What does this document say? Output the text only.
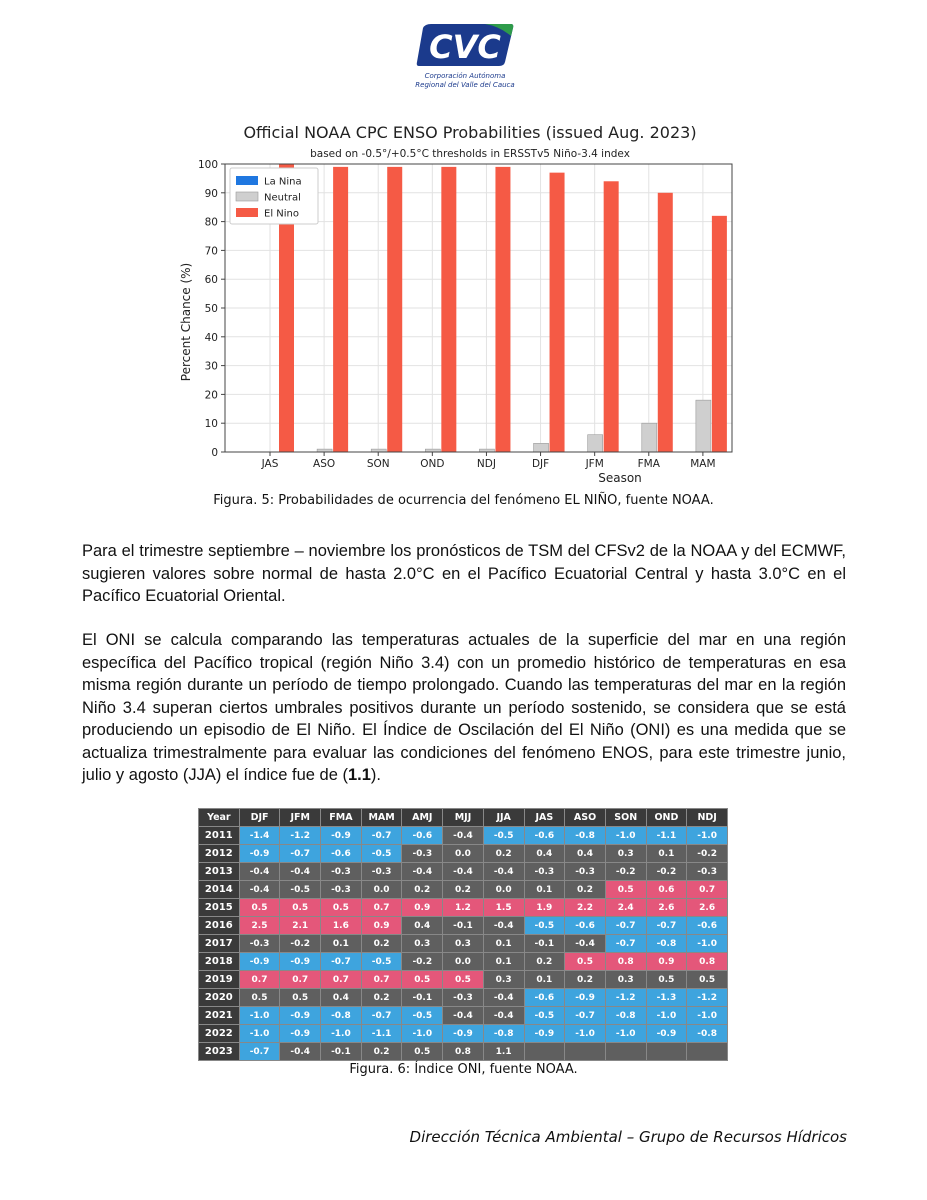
CVC
Corporación Autónoma
Regional del Valle del Cauca
Official NOAA CPC ENSO Probabilities (issued Aug. 2023)
based on -0.5°/+0.5°C thresholds in ERSSTv5 Niño-3.4 index
0
10
20
30
40
50
60
70
80
90
100
JAS	ASO	SON	OND	NDJ	DJF	JFM	FMA	MAM
La Nina
Neutral
El Nino
Season
Percent Chance (%)
Figura. 5: Probabilidades de ocurrencia del fenómeno EL NIÑO, fuente NOAA.

Para el trimestre septiembre – noviembre los pronósticos de TSM del CFSv2 de la NOAA y del ECMWF, sugieren valores sobre normal de hasta 2.0°C en el Pacífico Ecuatorial Central y hasta 3.0°C en el Pacífico Ecuatorial Oriental.

El ONI se calcula comparando las temperaturas actuales de la superficie del mar en una región específica del Pacífico tropical (región Niño 3.4) con un promedio histórico de temperaturas en esa misma región durante un período de tiempo prolongado. Cuando las temperaturas del mar en la región Niño 3.4 superan ciertos umbrales positivos durante un período sostenido, se considera que se está produciendo un episodio de El Niño. El Índice de Oscilación del El Niño (ONI) es una medida que se actualiza trimestralmente para evaluar las condiciones del fenómeno ENOS, para este trimestre junio, julio y agosto (JJA) el índice fue de (1.1).

Year	DJF	JFM	FMA	MAM	AMJ	MJJ	JJA	JAS	ASO	SON	OND	NDJ
2011	-1.4	-1.2	-0.9	-0.7	-0.6	-0.4	-0.5	-0.6	-0.8	-1.0	-1.1	-1.0
2012	-0.9	-0.7	-0.6	-0.5	-0.3	0.0	0.2	0.4	0.4	0.3	0.1	-0.2
2013	-0.4	-0.4	-0.3	-0.3	-0.4	-0.4	-0.4	-0.3	-0.3	-0.2	-0.2	-0.3
2014	-0.4	-0.5	-0.3	0.0	0.2	0.2	0.0	0.1	0.2	0.5	0.6	0.7
2015	0.5	0.5	0.5	0.7	0.9	1.2	1.5	1.9	2.2	2.4	2.6	2.6
2016	2.5	2.1	1.6	0.9	0.4	-0.1	-0.4	-0.5	-0.6	-0.7	-0.7	-0.6
2017	-0.3	-0.2	0.1	0.2	0.3	0.3	0.1	-0.1	-0.4	-0.7	-0.8	-1.0
2018	-0.9	-0.9	-0.7	-0.5	-0.2	0.0	0.1	0.2	0.5	0.8	0.9	0.8
2019	0.7	0.7	0.7	0.7	0.5	0.5	0.3	0.1	0.2	0.3	0.5	0.5
2020	0.5	0.5	0.4	0.2	-0.1	-0.3	-0.4	-0.6	-0.9	-1.2	-1.3	-1.2
2021	-1.0	-0.9	-0.8	-0.7	-0.5	-0.4	-0.4	-0.5	-0.7	-0.8	-1.0	-1.0
2022	-1.0	-0.9	-1.0	-1.1	-1.0	-0.9	-0.8	-0.9	-1.0	-1.0	-0.9	-0.8
2023	-0.7	-0.4	-0.1	0.2	0.5	0.8	1.1					
Figura. 6: Índice ONI, fuente NOAA.
Dirección Técnica Ambiental – Grupo de Recursos Hídricos
